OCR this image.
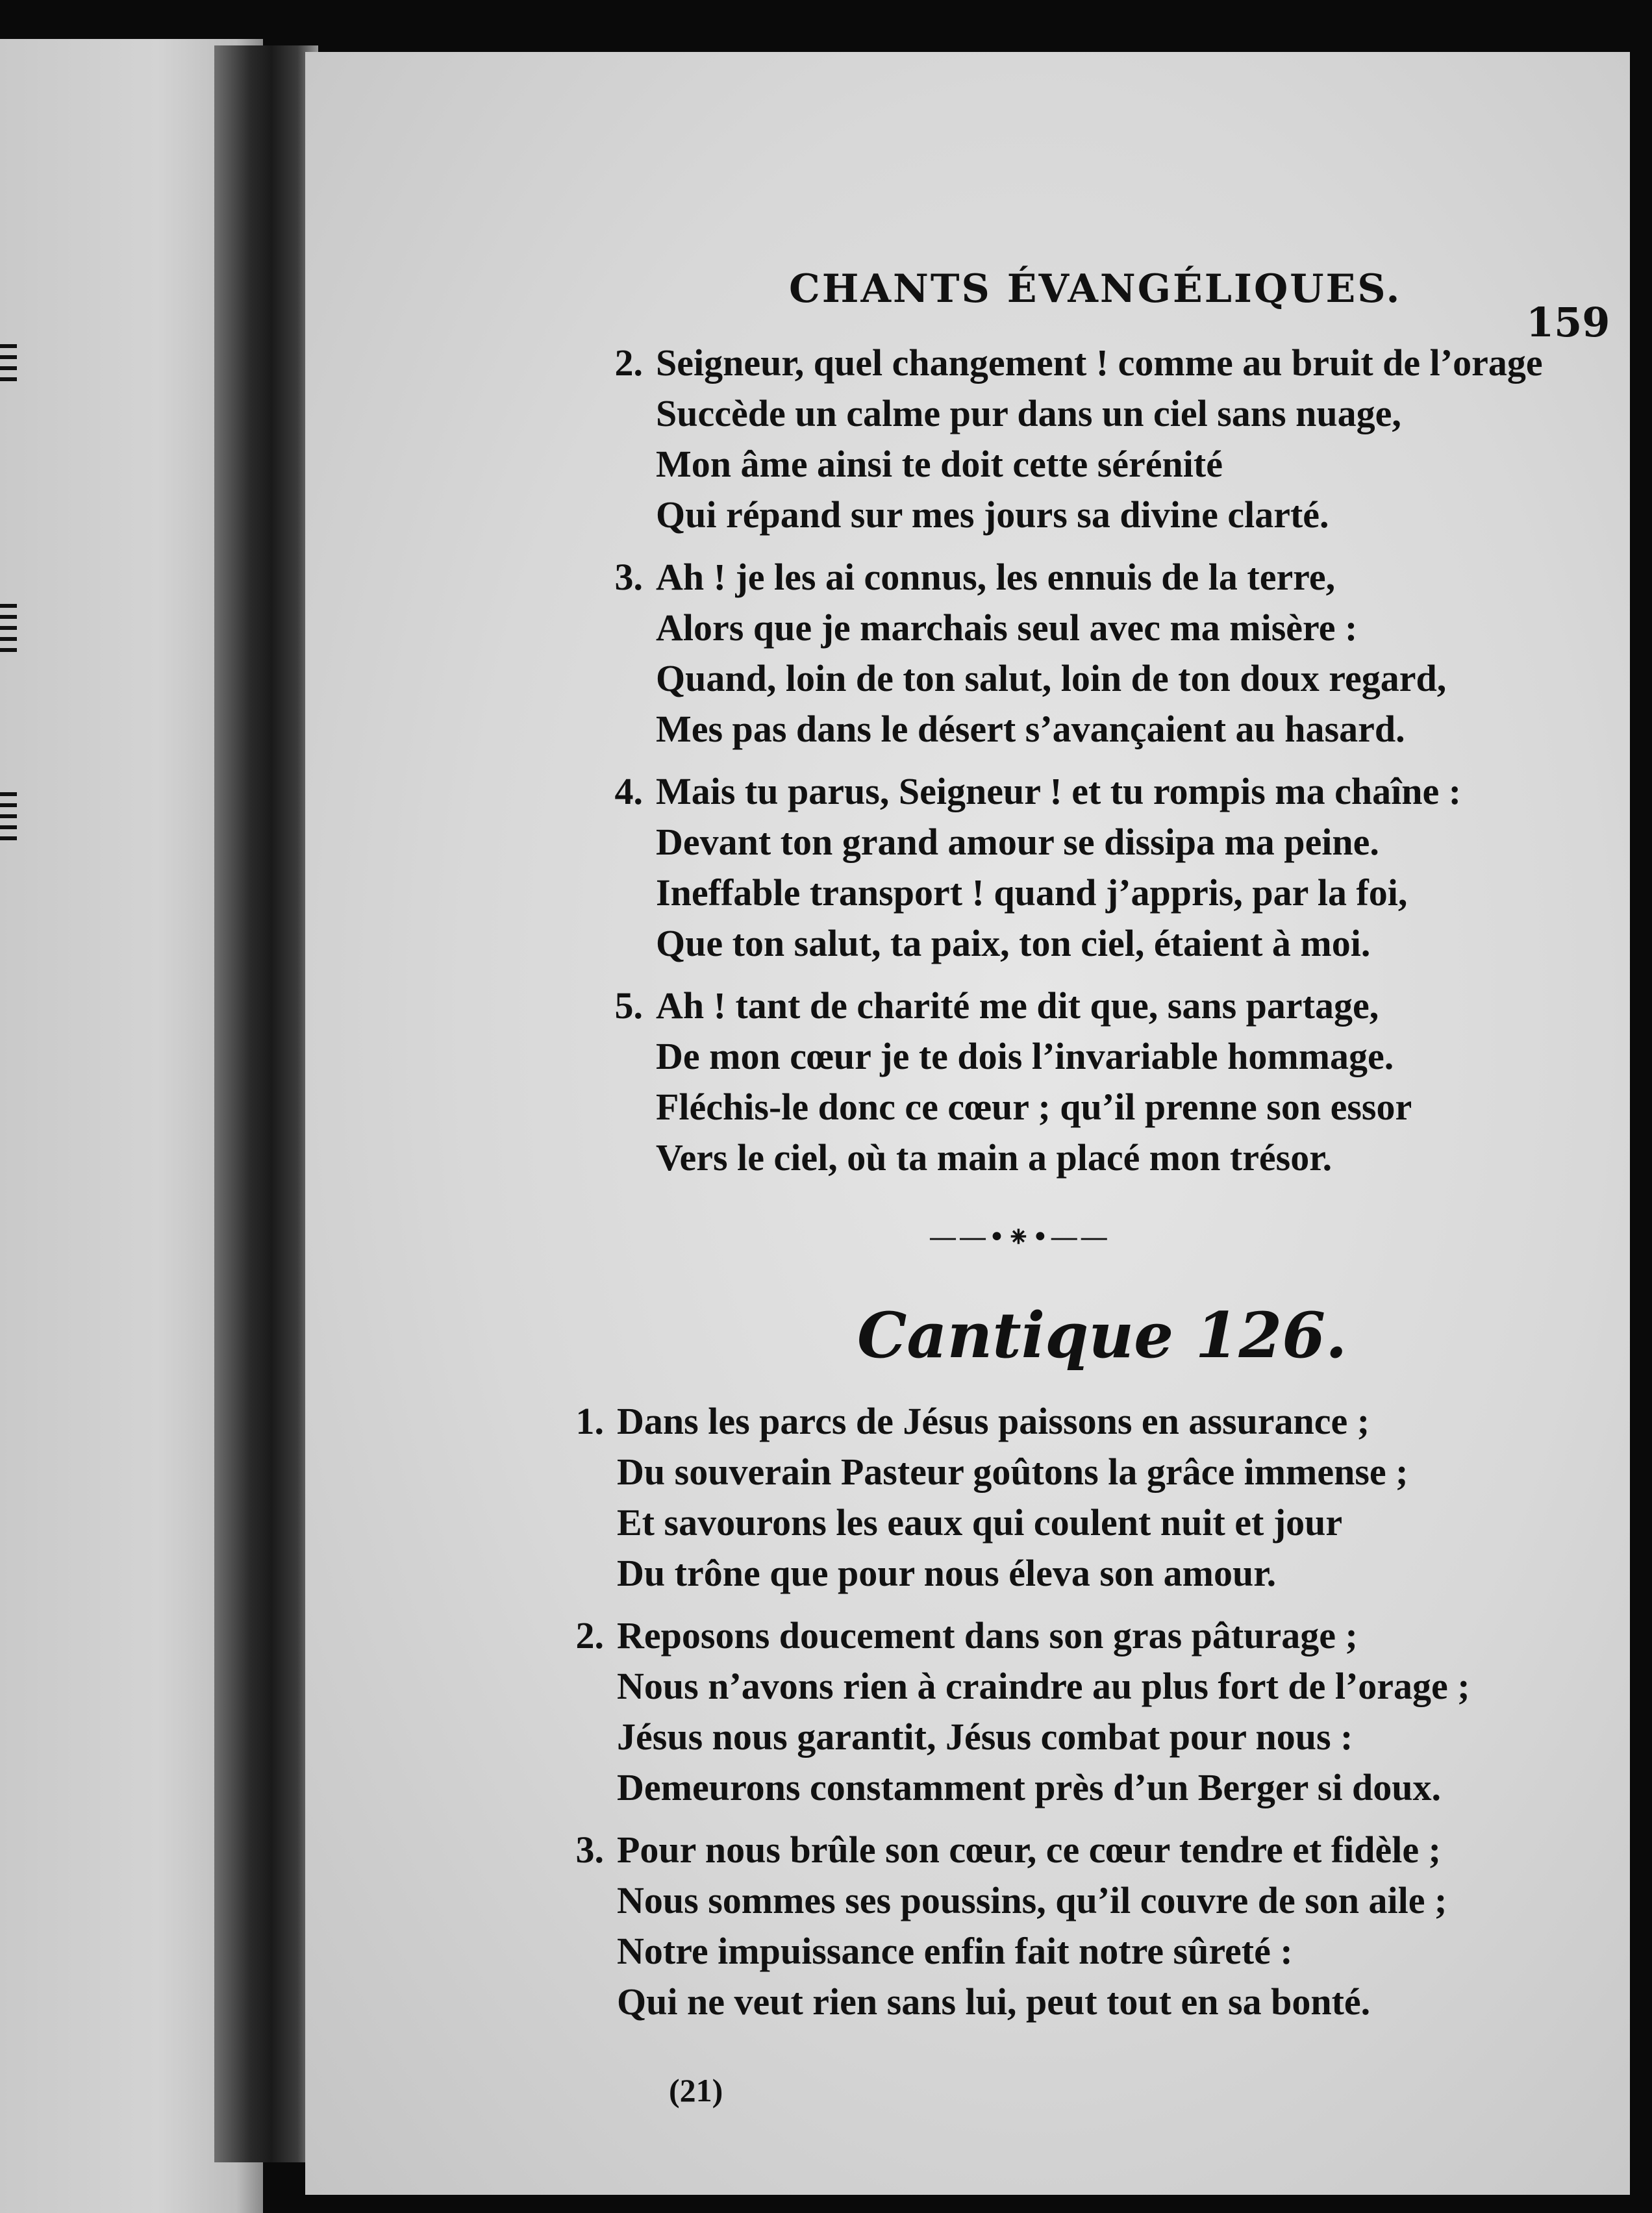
CHANTS ÉVANGÉLIQUES.
159
2. Seigneur, quel changement ! comme au bruit de l’orage
Succède un calme pur dans un ciel sans nuage,
Mon âme ainsi te doit cette sérénité
Qui répand sur mes jours sa divine clarté.
3. Ah ! je les ai connus, les ennuis de la terre,
Alors que je marchais seul avec ma misère :
Quand, loin de ton salut, loin de ton doux regard,
Mes pas dans le désert s’avançaient au hasard.
4. Mais tu parus, Seigneur ! et tu rompis ma chaîne :
Devant ton grand amour se dissipa ma peine.
Ineffable transport ! quand j’appris, par la foi,
Que ton salut, ta paix, ton ciel, étaient à moi.
5. Ah ! tant de charité me dit que, sans partage,
De mon cœur je te dois l’invariable hommage.
Fléchis-le donc ce cœur ; qu’il prenne son essor
Vers le ciel, où ta main a placé mon trésor.
——•⁕•——
Cantique 126.
1. Dans les parcs de Jésus paissons en assurance ;
Du souverain Pasteur goûtons la grâce immense ;
Et savourons les eaux qui coulent nuit et jour
Du trône que pour nous éleva son amour.
2. Reposons doucement dans son gras pâturage ;
Nous n’avons rien à craindre au plus fort de l’orage ;
Jésus nous garantit, Jésus combat pour nous :
Demeurons constamment près d’un Berger si doux.
3. Pour nous brûle son cœur, ce cœur tendre et fidèle ;
Nous sommes ses poussins, qu’il couvre de son aile ;
Notre impuissance enfin fait notre sûreté :
Qui ne veut rien sans lui, peut tout en sa bonté.
(21)
